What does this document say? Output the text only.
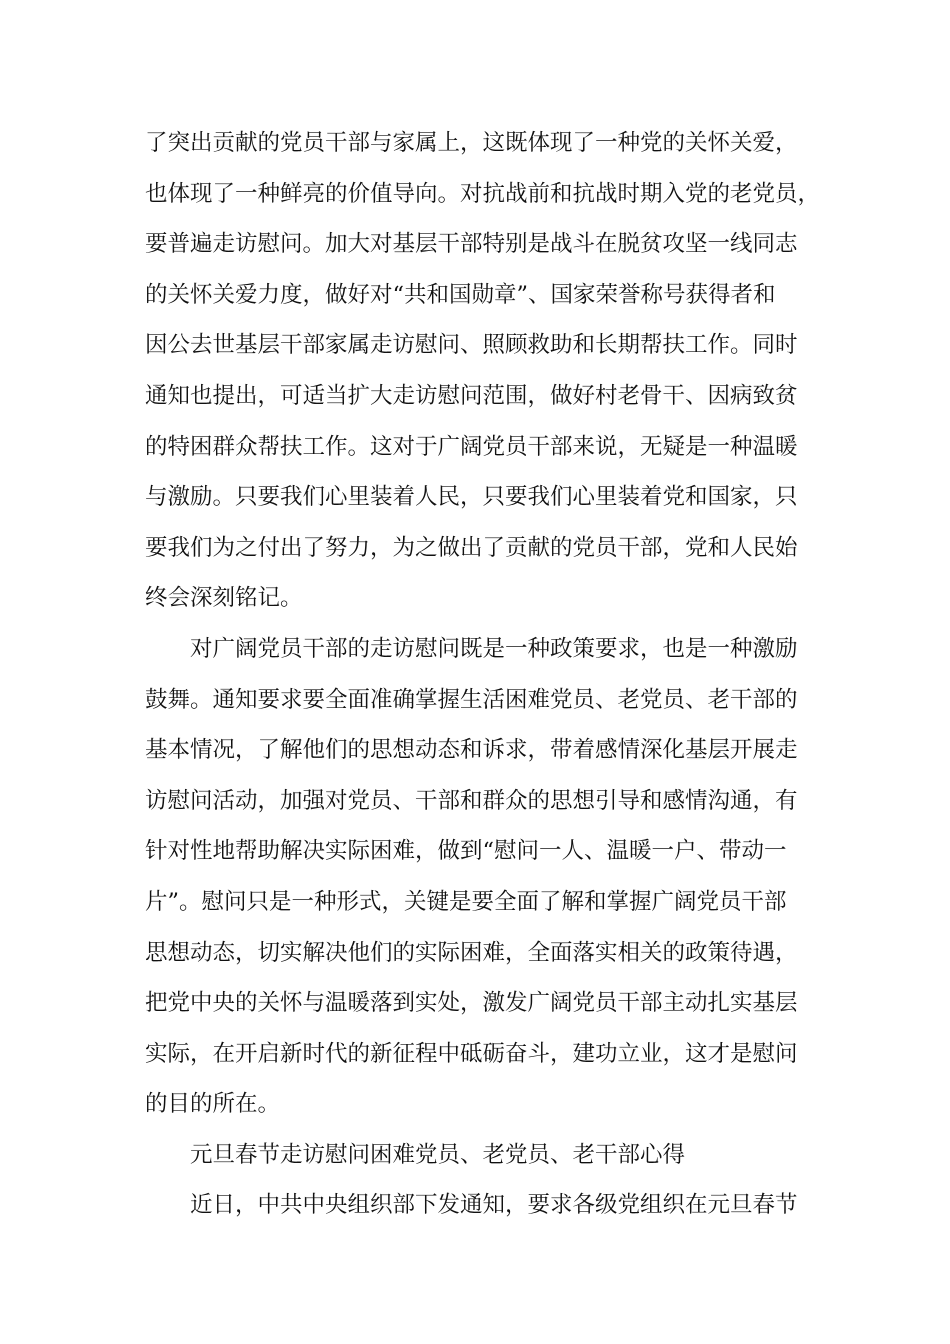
了突出贡献的党员干部与家属上，这既体现了一种党的关怀关爱，
也体现了一种鲜亮的价值导向。对抗战前和抗战时期入党的老党员，
要普遍走访慰问。加大对基层干部特别是战斗在脱贫攻坚一线同志
的关怀关爱力度，做好对“共和国勋章”、国家荣誉称号获得者和
因公去世基层干部家属走访慰问、照顾救助和长期帮扶工作。同时
通知也提出，可适当扩大走访慰问范围，做好村老骨干、因病致贫
的特困群众帮扶工作。这对于广阔党员干部来说，无疑是一种温暖
与激励。只要我们心里装着人民，只要我们心里装着党和国家，只
要我们为之付出了努力，为之做出了贡献的党员干部，党和人民始
终会深刻铭记。
对广阔党员干部的走访慰问既是一种政策要求，也是一种激励
鼓舞。通知要求要全面准确掌握生活困难党员、老党员、老干部的
基本情况，了解他们的思想动态和诉求，带着感情深化基层开展走
访慰问活动，加强对党员、干部和群众的思想引导和感情沟通，有
针对性地帮助解决实际困难，做到“慰问一人、温暖一户、带动一
片”。慰问只是一种形式，关键是要全面了解和掌握广阔党员干部
思想动态，切实解决他们的实际困难，全面落实相关的政策待遇，
把党中央的关怀与温暖落到实处，激发广阔党员干部主动扎实基层
实际，在开启新时代的新征程中砥砺奋斗，建功立业，这才是慰问
的目的所在。
元旦春节走访慰问困难党员、老党员、老干部心得
近日，中共中央组织部下发通知，要求各级党组织在元旦春节
